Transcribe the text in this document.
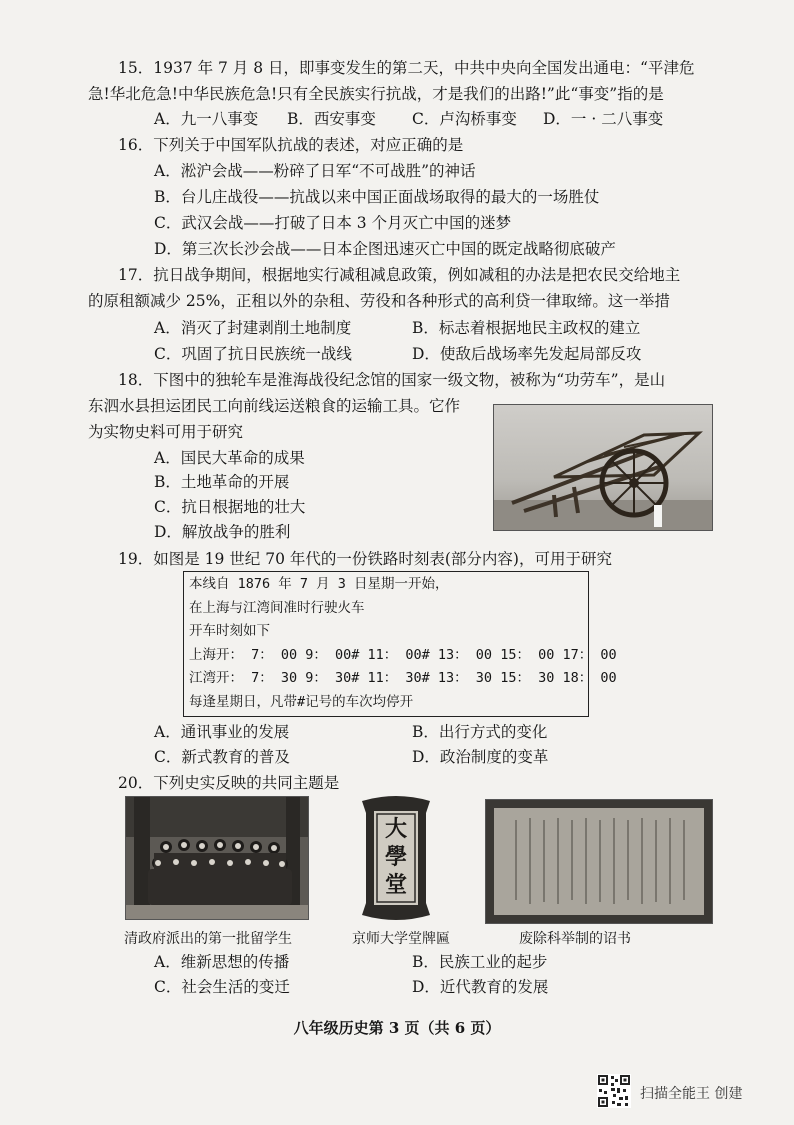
15．1937 年 7 月 8 日，即事变发生的第二天，中共中央向全国发出通电：“平津危
急!华北危急!中华民族危急!只有全民族实行抗战，才是我们的出路!”此“事变”指的是
A．九一八事变 B．西安事变 C．卢沟桥事变 D．一 · 二八事变
16．下列关于中国军队抗战的表述，对应正确的是
A．淞沪会战——粉碎了日军“不可战胜”的神话
B．台儿庄战役——抗战以来中国正面战场取得的最大的一场胜仗
C．武汉会战——打破了日本 3 个月灭亡中国的迷梦
D．第三次长沙会战——日本企图迅速灭亡中国的既定战略彻底破产
17．抗日战争期间，根据地实行减租减息政策，例如减租的办法是把农民交给地主
的原租额减少 25%，正租以外的杂租、劳役和各种形式的高利贷一律取缔。这一举措
A．消灭了封建剥削土地制度	B．标志着根据地民主政权的建立
C．巩固了抗日民族统一战线	D．使敌后战场率先发起局部反攻
18．下图中的独轮车是淮海战役纪念馆的国家一级文物，被称为“功劳车”，是山
东泗水县担运团民工向前线运送粮食的运输工具。它作
为实物史料可用于研究
A．国民大革命的成果
B．土地革命的开展
C．抗日根据地的壮大
D．解放战争的胜利
19．如图是 19 世纪 70 年代的一份铁路时刻表(部分内容)，可用于研究
本线自 1876 年 7 月 3 日星期一开始，
在上海与江湾间准时行驶火车
开车时刻如下
上海开： 7： 00 9： 00# 11： 00# 13： 00 15： 00 17： 00
江湾开： 7： 30 9： 30# 11： 30# 13： 30 15： 30 18： 00
每逢星期日，凡带#记号的车次均停开
A．通讯事业的发展	B．出行方式的变化
C．新式教育的普及	D．政治制度的变革
20．下列史实反映的共同主题是
大
學
堂
清政府派出的第一批留学生	京师大学堂牌匾	废除科举制的诏书
A．维新思想的传播	B．民族工业的起步
C．社会生活的变迁	D．近代教育的发展
八年级历史第 3 页（共 6 页）
扫描全能王 创建
